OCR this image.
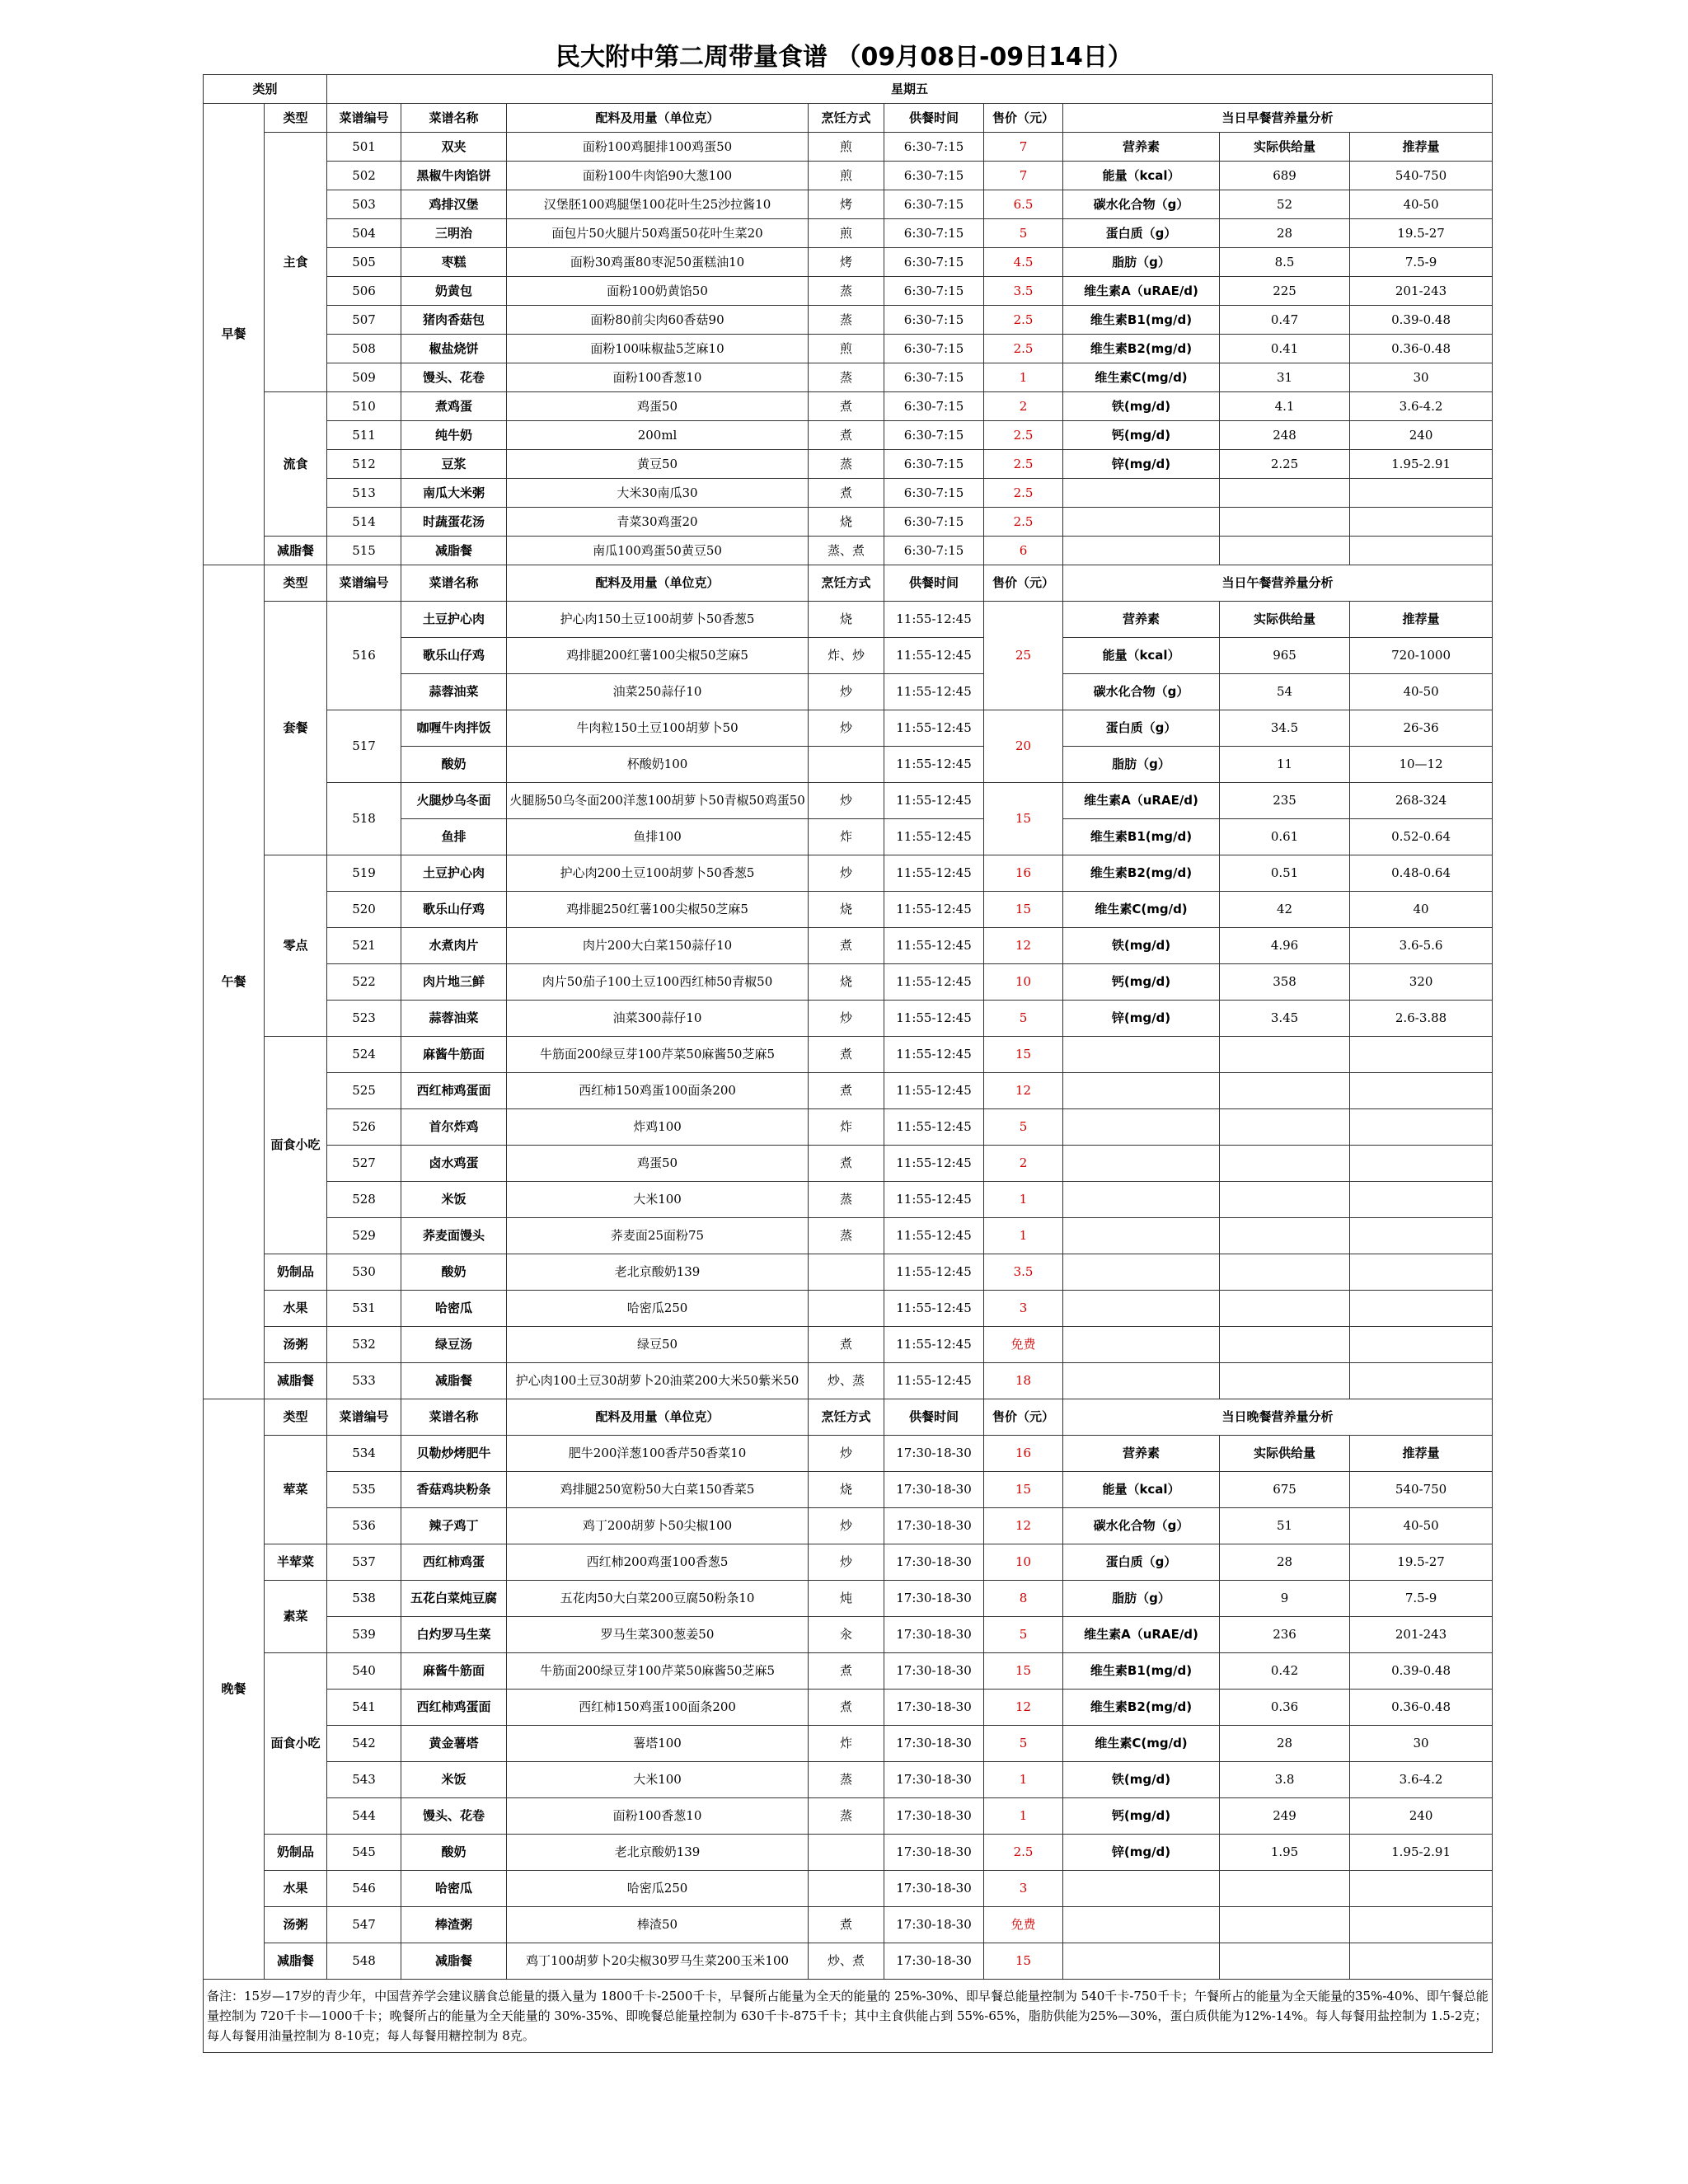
民大附中第二周带量食谱 （09月08日-09日14日）
类别		星期五								
早餐	类型	菜谱编号	菜谱名称	配料及用量（单位克）	烹饪方式	供餐时间	售价（元）	当日早餐营养量分析		
	主食	501	双夹	面粉100鸡腿排100鸡蛋50	煎	6:30-7:15	7	营养素	实际供给量	推荐量
		502	黑椒牛肉馅饼	面粉100牛肉馅90大葱100	煎	6:30-7:15	7	能量（kcal）	689	540-750
		503	鸡排汉堡	汉堡胚100鸡腿堡100花叶生25沙拉酱10	烤	6:30-7:15	6.5	碳水化合物（g）	52	40-50
		504	三明治	面包片50火腿片50鸡蛋50花叶生菜20	煎	6:30-7:15	5	蛋白质（g）	28	19.5-27
		505	枣糕	面粉30鸡蛋80枣泥50蛋糕油10	烤	6:30-7:15	4.5	脂肪（g）	8.5	7.5-9
		506	奶黄包	面粉100奶黄馅50	蒸	6:30-7:15	3.5	维生素A（uRAE/d)	225	201-243
		507	猪肉香菇包	面粉80前尖肉60香菇90	蒸	6:30-7:15	2.5	维生素B1(mg/d)	0.47	0.39-0.48
		508	椒盐烧饼	面粉100味椒盐5芝麻10	煎	6:30-7:15	2.5	维生素B2(mg/d)	0.41	0.36-0.48
		509	馒头、花卷	面粉100香葱10	蒸	6:30-7:15	1	维生素C(mg/d)	31	30
	流食	510	煮鸡蛋	鸡蛋50	煮	6:30-7:15	2	铁(mg/d)	4.1	3.6-4.2
		511	纯牛奶	200ml	煮	6:30-7:15	2.5	钙(mg/d)	248	240
		512	豆浆	黄豆50	蒸	6:30-7:15	2.5	锌(mg/d)	2.25	1.95-2.91
		513	南瓜大米粥	大米30南瓜30	煮	6:30-7:15	2.5			
		514	时蔬蛋花汤	青菜30鸡蛋20	烧	6:30-7:15	2.5			
	减脂餐	515	减脂餐	南瓜100鸡蛋50黄豆50	蒸、煮	6:30-7:15	6			
午餐	类型	菜谱编号	菜谱名称	配料及用量（单位克）	烹饪方式	供餐时间	售价（元）	当日午餐营养量分析		
	套餐	516	土豆护心肉	护心肉150土豆100胡萝卜50香葱5	烧	11:55-12:45	25	营养素	实际供给量	推荐量
			歌乐山仔鸡	鸡排腿200红薯100尖椒50芝麻5	炸、炒	11:55-12:45		能量（kcal）	965	720-1000
			蒜蓉油菜	油菜250蒜仔10	炒	11:55-12:45		碳水化合物（g）	54	40-50
		517	咖喱牛肉拌饭	牛肉粒150土豆100胡萝卜50	炒	11:55-12:45	20	蛋白质（g）	34.5	26-36
			酸奶	杯酸奶100		11:55-12:45		脂肪（g）	11	10—12
		518	火腿炒乌冬面	火腿肠50乌冬面200洋葱100胡萝卜50青椒50鸡蛋50	炒	11:55-12:45	15	维生素A（uRAE/d)	235	268-324
			鱼排	鱼排100	炸	11:55-12:45		维生素B1(mg/d)	0.61	0.52-0.64
	零点	519	土豆护心肉	护心肉200土豆100胡萝卜50香葱5	炒	11:55-12:45	16	维生素B2(mg/d)	0.51	0.48-0.64
		520	歌乐山仔鸡	鸡排腿250红薯100尖椒50芝麻5	烧	11:55-12:45	15	维生素C(mg/d)	42	40
		521	水煮肉片	肉片200大白菜150蒜仔10	煮	11:55-12:45	12	铁(mg/d)	4.96	3.6-5.6
		522	肉片地三鲜	肉片50茄子100土豆100西红柿50青椒50	烧	11:55-12:45	10	钙(mg/d)	358	320
		523	蒜蓉油菜	油菜300蒜仔10	炒	11:55-12:45	5	锌(mg/d)	3.45	2.6-3.88
	面食小吃	524	麻酱牛筋面	牛筋面200绿豆芽100芹菜50麻酱50芝麻5	煮	11:55-12:45	15			
		525	西红柿鸡蛋面	西红柿150鸡蛋100面条200	煮	11:55-12:45	12			
		526	首尔炸鸡	炸鸡100	炸	11:55-12:45	5			
		527	卤水鸡蛋	鸡蛋50	煮	11:55-12:45	2			
		528	米饭	大米100	蒸	11:55-12:45	1			
		529	荞麦面馒头	荞麦面25面粉75	蒸	11:55-12:45	1			
	奶制品	530	酸奶	老北京酸奶139		11:55-12:45	3.5			
	水果	531	哈密瓜	哈密瓜250		11:55-12:45	3			
	汤粥	532	绿豆汤	绿豆50	煮	11:55-12:45	免费			
	减脂餐	533	减脂餐	护心肉100土豆30胡萝卜20油菜200大米50紫米50	炒、蒸	11:55-12:45	18			
晚餐	类型	菜谱编号	菜谱名称	配料及用量（单位克）	烹饪方式	供餐时间	售价（元）	当日晚餐营养量分析		
	荤菜	534	贝勒炒烤肥牛	肥牛200洋葱100香芹50香菜10	炒	17:30-18-30	16	营养素	实际供给量	推荐量
		535	香菇鸡块粉条	鸡排腿250宽粉50大白菜150香菜5	烧	17:30-18-30	15	能量（kcal）	675	540-750
		536	辣子鸡丁	鸡丁200胡萝卜50尖椒100	炒	17:30-18-30	12	碳水化合物（g）	51	40-50
	半荤菜	537	西红柿鸡蛋	西红柿200鸡蛋100香葱5	炒	17:30-18-30	10	蛋白质（g）	28	19.5-27
	素菜	538	五花白菜炖豆腐	五花肉50大白菜200豆腐50粉条10	炖	17:30-18-30	8	脂肪（g）	9	7.5-9
		539	白灼罗马生菜	罗马生菜300葱姜50	汆	17:30-18-30	5	维生素A（uRAE/d)	236	201-243
	面食小吃	540	麻酱牛筋面	牛筋面200绿豆芽100芹菜50麻酱50芝麻5	煮	17:30-18-30	15	维生素B1(mg/d)	0.42	0.39-0.48
		541	西红柿鸡蛋面	西红柿150鸡蛋100面条200	煮	17:30-18-30	12	维生素B2(mg/d)	0.36	0.36-0.48
		542	黄金薯塔	薯塔100	炸	17:30-18-30	5	维生素C(mg/d)	28	30
		543	米饭	大米100	蒸	17:30-18-30	1	铁(mg/d)	3.8	3.6-4.2
		544	馒头、花卷	面粉100香葱10	蒸	17:30-18-30	1	钙(mg/d)	249	240
	奶制品	545	酸奶	老北京酸奶139		17:30-18-30	2.5	锌(mg/d)	1.95	1.95-2.91
	水果	546	哈密瓜	哈密瓜250		17:30-18-30	3			
	汤粥	547	棒渣粥	棒渣50	煮	17:30-18-30	免费			
	减脂餐	548	减脂餐	鸡丁100胡萝卜20尖椒30罗马生菜200玉米100	炒、煮	17:30-18-30	15			
备注：15岁—17岁的青少年，中国营养学会建议膳食总能量的摄入量为 1800千卡-2500千卡，早餐所占能量为全天的能量的 25%-30%、即早餐总能量控制为 540千卡-750千卡；午餐所占的能量为全天能量的35%-40%、即午餐总能量控制为 720千卡—1000千卡；晚餐所占的能量为全天能量的 30%-35%、即晚餐总能量控制为 630千卡-875千卡；其中主食供能占到 55%-65%，脂肪供能为25%—30%，蛋白质供能为12%-14%。每人每餐用盐控制为 1.5-2克；每人每餐用油量控制为 8-10克；每人每餐用糖控制为 8克。										
